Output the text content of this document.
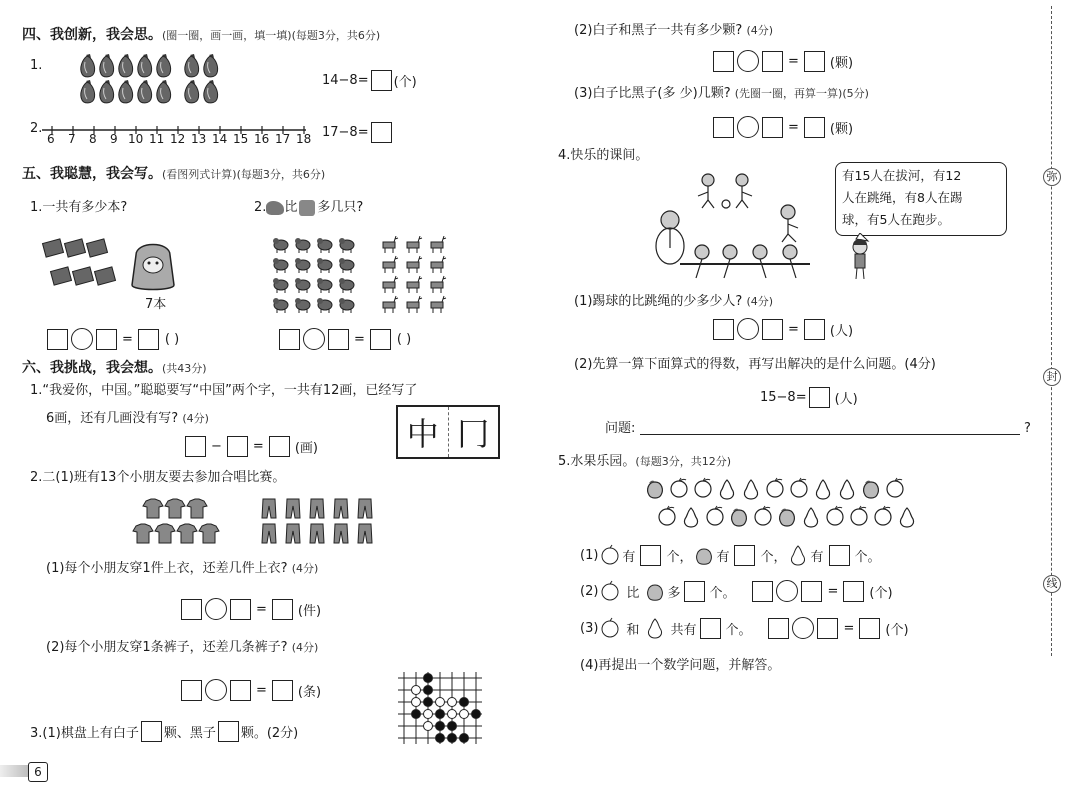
四、我创新，我会思。(圈一圈，画一画，填一填)(每题3分，共6分)
1.
14−8= (个)
2.
6 7 8 9 10 11 12 13 14 15 16 17 18 17−8=
五、我聪慧，我会写。(看图列式计算)(每题3分，共6分)
1.一共有多少本?	2. 比 多几只?
7本
= ( )	= ( )
六、我挑战，我会想。(共43分)
1.“我爱你，中国。”聪聪要写“中国”两个字，一共有12画，已经写了
6画，还有几画没有写? (4分)
− = (画)	中 冂
2.二(1)班有13个小朋友要去参加合唱比赛。
(1)每个小朋友穿1件上衣，还差几件上衣? (4分)
= (件)
(2)每个小朋友穿1条裤子，还差几条裤子? (4分)
= (条)
3.(1)棋盘上有白子 颗、黑子 颗。(2分)
6
(2)白子和黑子一共有多少颗? (4分)
= (颗)
(3)白子比黑子(多 少)几颗? (先圈一圈，再算一算)(5分)
= (颗)
4.快乐的课间。
有15人在拔河，有12
人在跳绳，有8人在踢
球，有5人在跑步。
(1)踢球的比跳绳的少多少人? (4分)
= (人)
(2)先算一算下面算式的得数，再写出解决的是什么问题。(4分)
15−8= (人)
问题:	?
5.水果乐园。(每题3分，共12分)
(1) 有 个， 有 个， 有 个。
(2) 比 多 个。	= (个)
(3) 和 共有 个。	= (个)
(4)再提出一个数学问题，并解答。
弥
封
线
